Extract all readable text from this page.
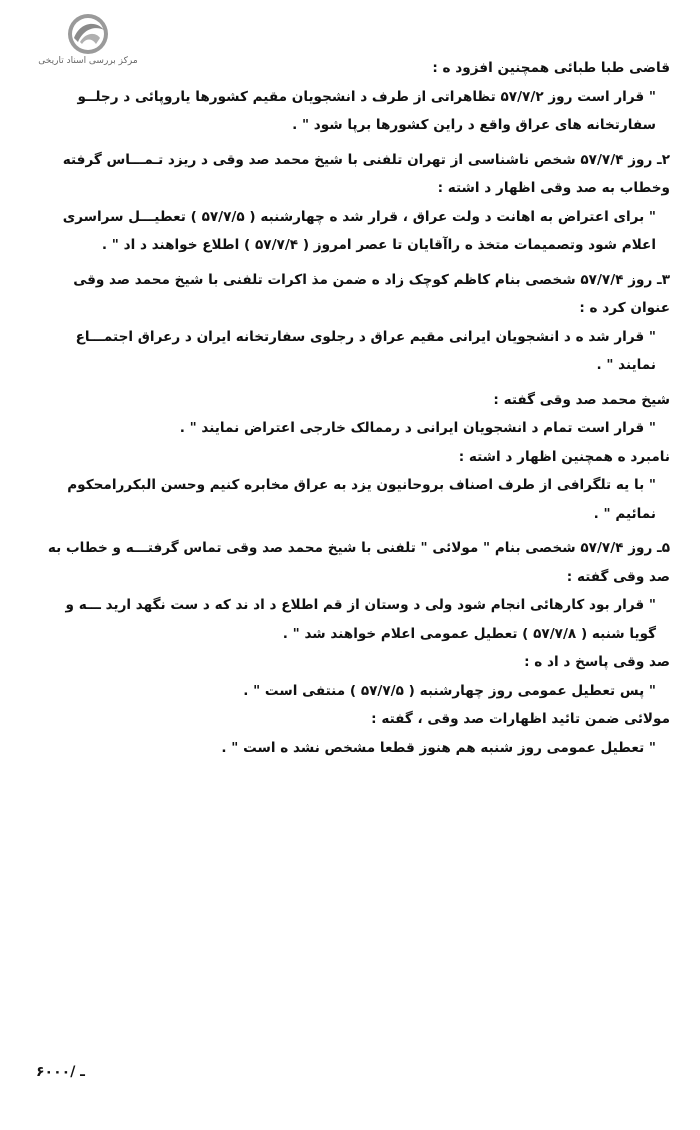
مرکز بررسی اسناد تاریخی	قاضی طبا طبائی همچنین افزود ه :

" قرار است روز ۵۷/۷/۲ تظاهراتی از طرف د انشجویان مقیم کشورها یاروپائی د رجلــو سفارتخانه های عراق واقع د راین کشورها برپا شود " .

۲ـ روز ۵۷/۷/۴ شخص ناشناسی از تهران تلفنی با شیخ محمد صد وقی د ریزد تـمـــاس گرفته وخطاب به صد وقی اظهار د اشته :

" برای اعتراض به اهانت د ولت عراق ، قرار شد ه چهارشنبه ( ۵۷/۷/۵ ) تعطیـــل سراسری اعلام شود وتصمیمات متخذ ه راآقایان تا عصر امروز ( ۵۷/۷/۴ ) اطلاع خواهند د اد " .

۳ـ روز ۵۷/۷/۴ شخصی بنام کاظم کوچک زاد ه ضمن مذ اکرات تلفنی با شیخ محمد صد وقی عنوان کرد ه :

" قرار شد ه د انشجویان ایرانی مقیم عراق د رجلوی سفارتخانه ایران د رعراق اجتمـــاع نمایند " .

شیخ محمد صد وقی گفته :

" قرار است تمام د انشجویان ایرانی د رممالک خارجی اعتراض نمایند " .

نامبرد ه همچنین اظهار د اشته :

" با یه تلگرافی از طرف اصناف بروحانیون یزد به عراق مخابره کنیم وحسن البکررامحکوم نمائیم " .

۵ـ روز ۵۷/۷/۴ شخصی بنام " مولائی " تلفنی با شیخ محمد صد وقی تماس گرفتـــه و خطاب به صد وقی گفته :

" قرار بود کارهائی انجام شود ولی د وستان از قم اطلاع د اد ند که د ست نگهد ارید ـــه و گویا شنبه ( ۵۷/۷/۸ ) تعطیل عمومی اعلام خواهند شد " .

صد وقی پاسخ د اد ه :

" پس تعطیل عمومی روز چهارشنبه ( ۵۷/۷/۵ ) منتفی است " .

مولائی ضمن تائید اظهارات صد وقی ، گفته :

" تعطیل عمومی روز شنبه هم هنوز قطعا مشخص نشد ه است " .

۶ـ /۰۰۰
